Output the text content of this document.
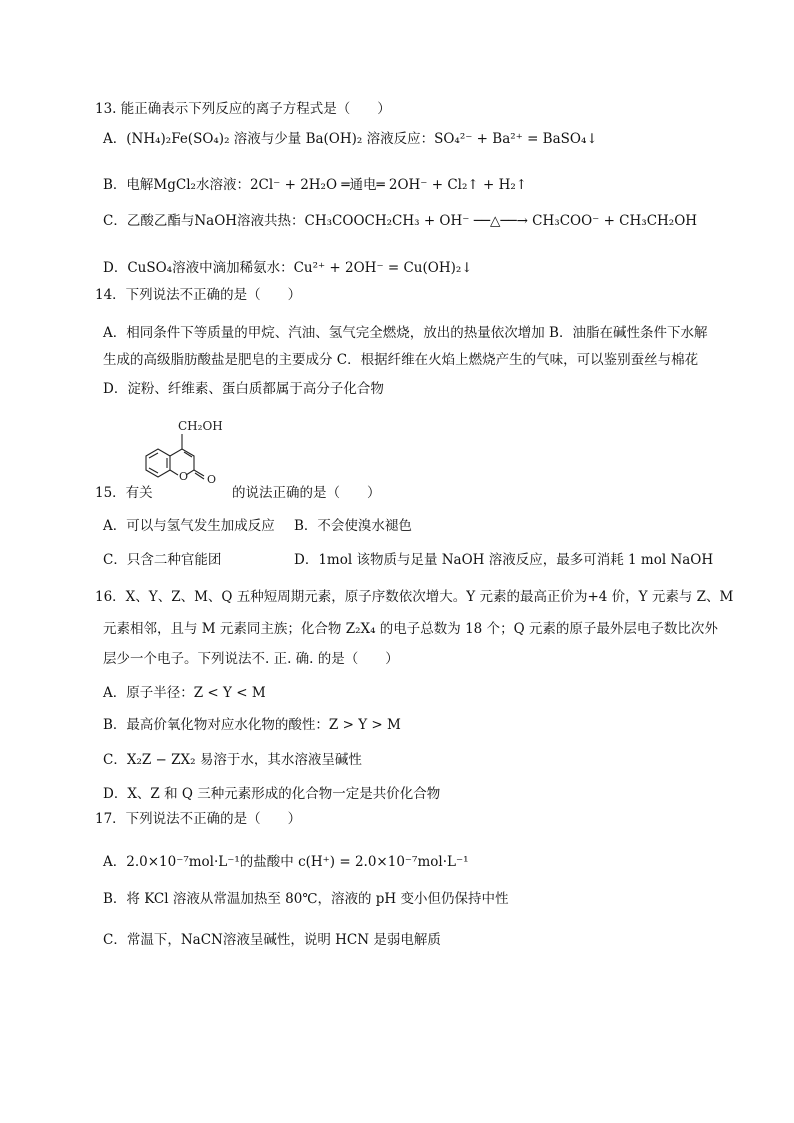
13. 能正确表示下列反应的离子方程式是（　　）
A．(NH₄)₂Fe(SO₄)₂ 溶液与少量 Ba(OH)₂ 溶液反应：SO₄²⁻ + Ba²⁺ = BaSO₄↓
B．电解MgCl₂水溶液：2Cl⁻ + 2H₂O ═通电═ 2OH⁻ + Cl₂↑ + H₂↑
C．乙酸乙酯与NaOH溶液共热：CH₃COOCH₂CH₃ + OH⁻ ──△──→ CH₃COO⁻ + CH₃CH₂OH
D．CuSO₄溶液中滴加稀氨水：Cu²⁺ + 2OH⁻ = Cu(OH)₂↓
14．下列说法不正确的是（　　）
A．相同条件下等质量的甲烷、汽油、氢气完全燃烧，放出的热量依次增加 B．油脂在碱性条件下水解
生成的高级脂肪酸盐是肥皂的主要成分 C．根据纤维在火焰上燃烧产生的气味，可以鉴别蚕丝与棉花
D．淀粉、纤维素、蛋白质都属于高分子化合物
CH₂OH
O O
15．有关	的说法正确的是（　　）
A．可以与氢气发生加成反应 B．不会使溴水褪色
C．只含二种官能团	D．1mol 该物质与足量 NaOH 溶液反应，最多可消耗 1 mol NaOH
16．X、Y、Z、M、Q 五种短周期元素，原子序数依次增大。Y 元素的最高正价为+4 价，Y 元素与 Z、M
元素相邻，且与 M 元素同主族；化合物 Z₂X₄ 的电子总数为 18 个；Q 元素的原子最外层电子数比次外
层少一个电子。下列说法不. 正. 确. 的是（　　）
A．原子半径：Z < Y < M
B．最高价氧化物对应水化物的酸性：Z > Y > M
C．X₂Z − ZX₂ 易溶于水，其水溶液呈碱性
D．X、Z 和 Q 三种元素形成的化合物一定是共价化合物
17．下列说法不正确的是（　　）
A．2.0×10⁻⁷mol·L⁻¹的盐酸中 c(H⁺) = 2.0×10⁻⁷mol·L⁻¹
B．将 KCl 溶液从常温加热至 80℃，溶液的 pH 变小但仍保持中性
C．常温下，NaCN溶液呈碱性，说明 HCN 是弱电解质
